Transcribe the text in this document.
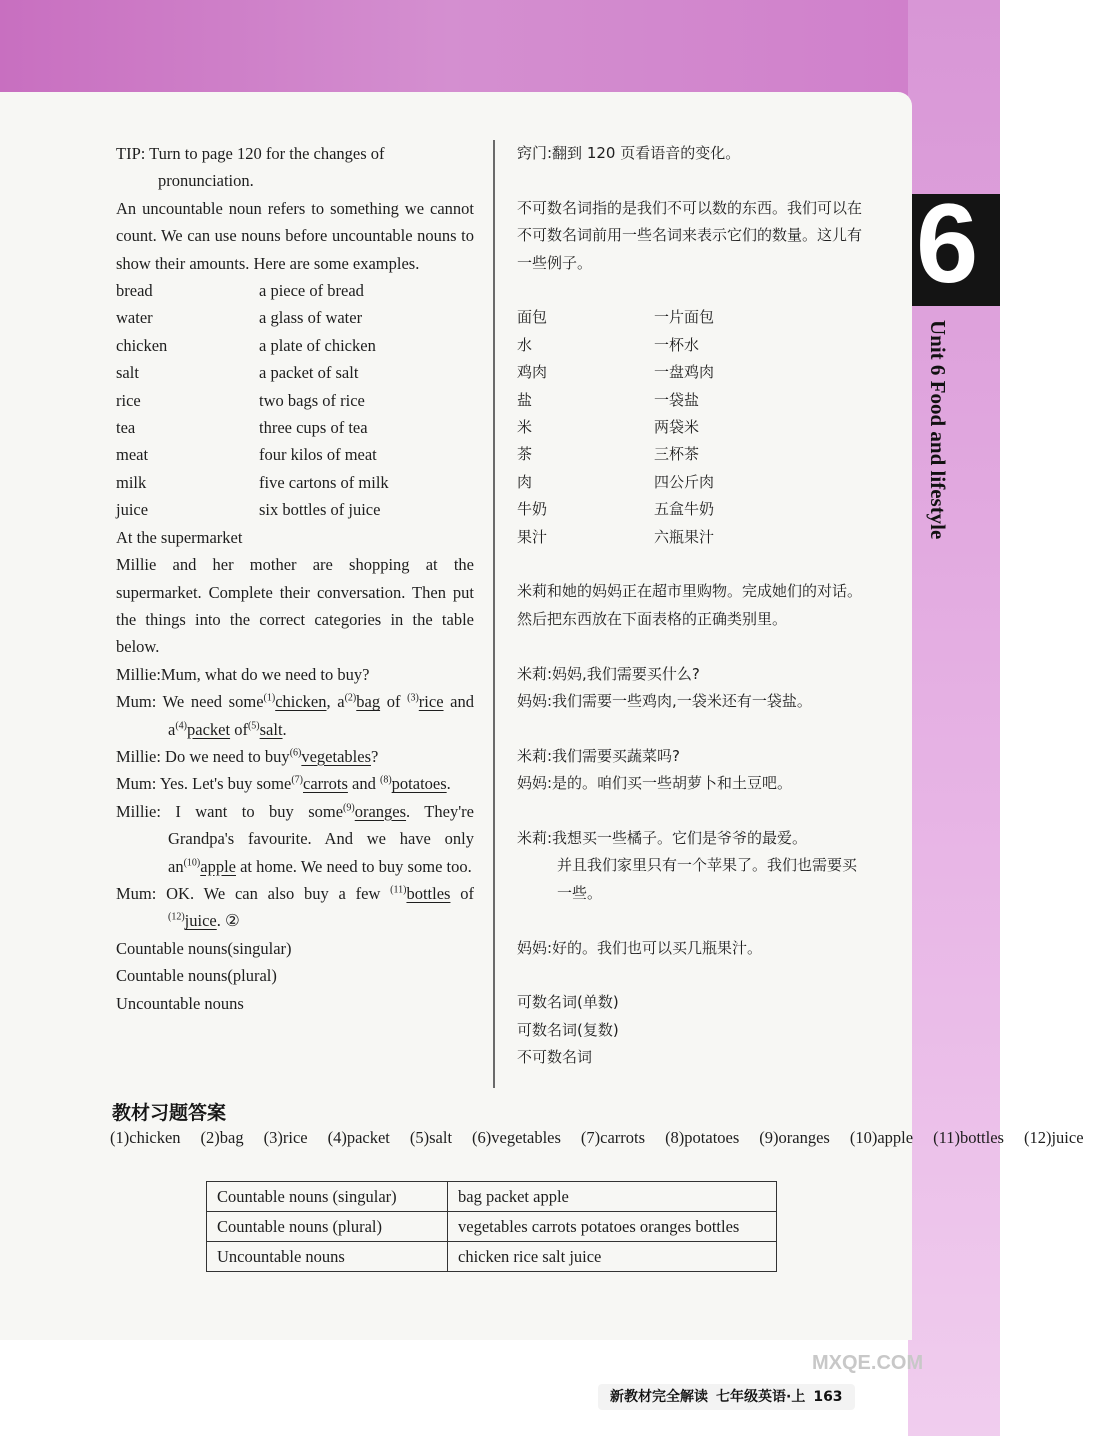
TIP: Turn to page 120 for the changes of

pronunciation.

An uncountable noun refers to something we cannot count. We can use nouns before uncountable nouns to show their amounts. Here are some examples.

bread	a piece of bread
water	a glass of water
chicken	a plate of chicken
salt	a packet of salt
rice	two bags of rice
tea	three cups of tea
meat	four kilos of meat
milk	five cartons of milk
juice	six bottles of juice

At the supermarket

Millie and her mother are shopping at the supermarket. Complete their conversation. Then put the things into the correct categories in the table below.

Millie:Mum, what do we need to buy?

Mum: We need some$^{(1)}$chicken, $a^{(2)}bag$ of $^{(3)}$rice and $a^{(4)}packet$ $of^{(5)}salt$.

Millie: Do we need to buy$^{(6)}$vegetables?

Mum: Yes. Let's buy some$^{(7)}$carrots and $^{(8)}$potatoes.

Millie: I want to buy some$^{(9)}$oranges. They're Grandpa's favourite. And we have only $an^{(10)}apple$ at home. We need to buy some too.

Mum: OK. We can also buy a few $^{(11)}$bottles of $^{(12)}$juice. ②

Countable nouns(singular)

Countable nouns(plural)

Uncountable nouns

窍门:翻到 120 页看语音的变化。

不可数名词指的是我们不可以数的东西。我们可以在不可数名词前用一些名词来表示它们的数量。这儿有一些例子。

面包	一片面包
水	一杯水
鸡肉	一盘鸡肉
盐	一袋盐
米	两袋米
茶	三杯茶
肉	四公斤肉
牛奶	五盒牛奶
果汁	六瓶果汁

米莉和她的妈妈正在超市里购物。完成她们的对话。然后把东西放在下面表格的正确类别里。

米莉:妈妈,我们需要买什么?

妈妈:我们需要一些鸡肉,一袋米还有一袋盐。

米莉:我们需要买蔬菜吗?

妈妈:是的。咱们买一些胡萝卜和土豆吧。

米莉:我想买一些橘子。它们是爷爷的最爱。

并且我们家里只有一个苹果了。我们也需要买一些。

妈妈:好的。我们也可以买几瓶果汁。

可数名词(单数)

可数名词(复数)

不可数名词

6
Unit 6 Food and lifestyle
教材习题答案
(1)chicken (2)bag (3)rice (4)packet (5)salt (6)vegetables (7)carrots (8)potatoes (9)oranges (10)apple (11)bottles (12)juice
Countable nouns (singular)	bag packet apple
Countable nouns (plural)	vegetables carrots potatoes oranges bottles
Uncountable nouns	chicken rice salt juice
新教材完全解读 七年级英语·上 163
MXQE.COM
